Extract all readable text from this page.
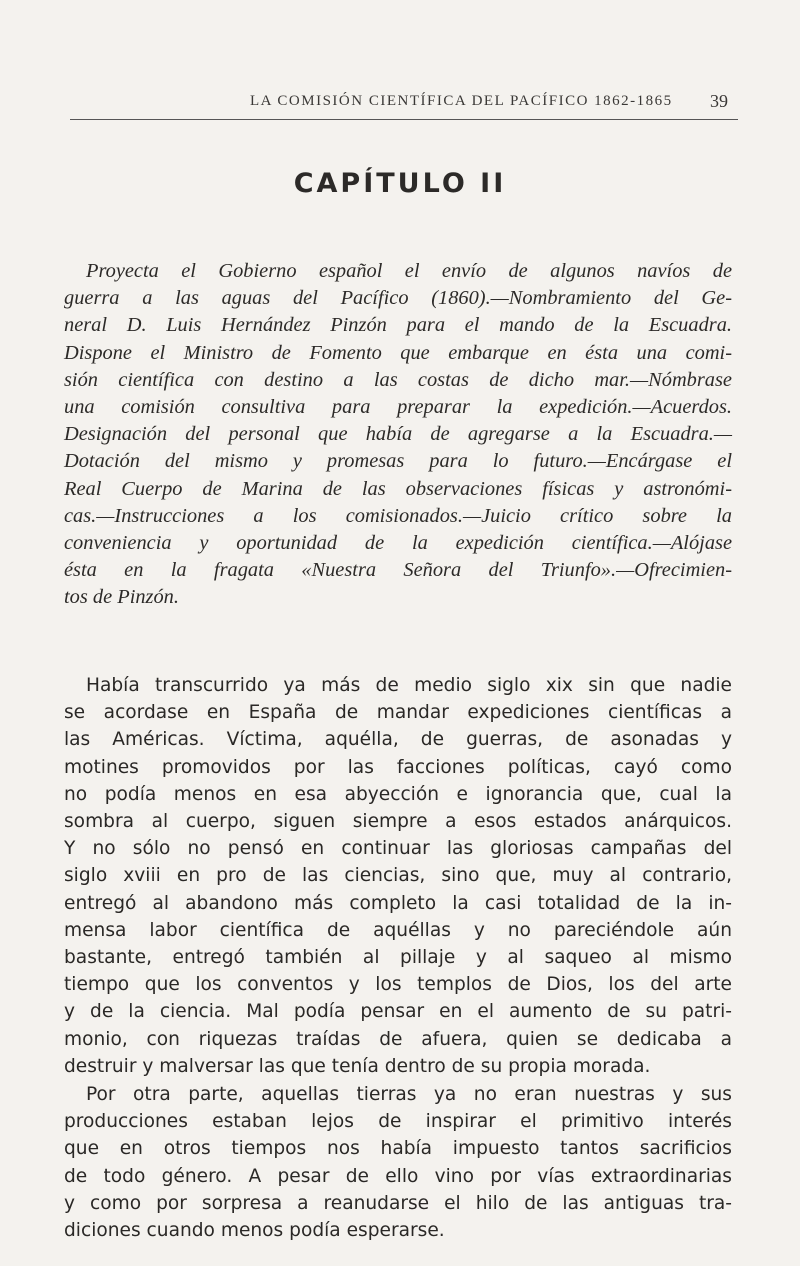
LA COMISIÓN CIENTÍFICA DEL PACÍFICO 1862-1865 39
CAPÍTULO II
Proyecta el Gobierno español el envío de algunos navíos de
guerra a las aguas del Pacífico (1860).—Nombramiento del Ge-
neral D. Luis Hernández Pinzón para el mando de la Escuadra.
Dispone el Ministro de Fomento que embarque en ésta una comi-
sión científica con destino a las costas de dicho mar.—Nómbrase
una comisión consultiva para preparar la expedición.—Acuerdos.
Designación del personal que había de agregarse a la Escuadra.—
Dotación del mismo y promesas para lo futuro.—Encárgase el
Real Cuerpo de Marina de las observaciones físicas y astronómi-
cas.—Instrucciones a los comisionados.—Juicio crítico sobre la
conveniencia y oportunidad de la expedición científica.—Alójase
ésta en la fragata «Nuestra Señora del Triunfo».—Ofrecimien-
tos de Pinzón.
Había transcurrido ya más de medio siglo xix sin que nadie
se acordase en España de mandar expediciones científicas a
las Américas. Víctima, aquélla, de guerras, de asonadas y
motines promovidos por las facciones políticas, cayó como
no podía menos en esa abyección e ignorancia que, cual la
sombra al cuerpo, siguen siempre a esos estados anárquicos.
Y no sólo no pensó en continuar las gloriosas campañas del
siglo xviii en pro de las ciencias, sino que, muy al contrario,
entregó al abandono más completo la casi totalidad de la in-
mensa labor científica de aquéllas y no pareciéndole aún
bastante, entregó también al pillaje y al saqueo al mismo
tiempo que los conventos y los templos de Dios, los del arte
y de la ciencia. Mal podía pensar en el aumento de su patri-
monio, con riquezas traídas de afuera, quien se dedicaba a
destruir y malversar las que tenía dentro de su propia morada.
Por otra parte, aquellas tierras ya no eran nuestras y sus
producciones estaban lejos de inspirar el primitivo interés
que en otros tiempos nos había impuesto tantos sacrificios
de todo género. A pesar de ello vino por vías extraordinarias
y como por sorpresa a reanudarse el hilo de las antiguas tra-
diciones cuando menos podía esperarse.
